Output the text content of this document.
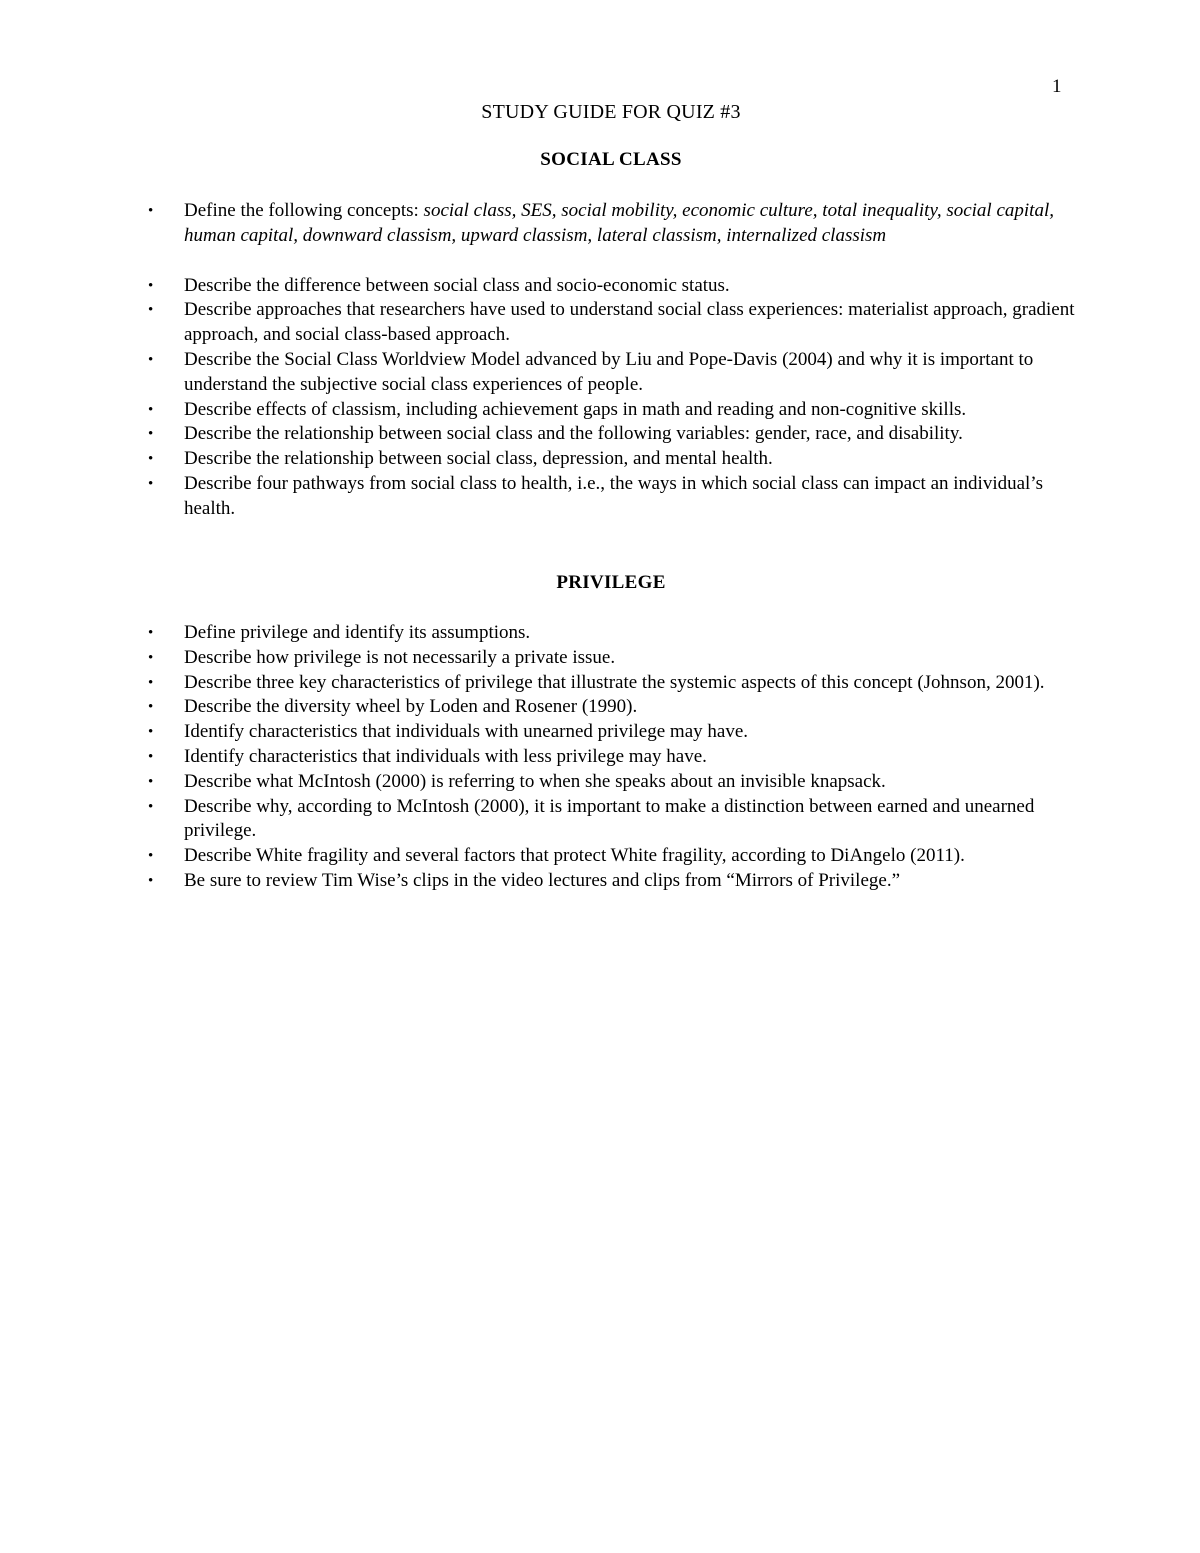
1
STUDY GUIDE FOR QUIZ #3
SOCIAL CLASS
• Define the following concepts: social class, SES, social mobility, economic culture, total inequality, social capital, human capital, downward classism, upward classism, lateral classism, internalized classism
• Describe the difference between social class and socio-economic status.
• Describe approaches that researchers have used to understand social class experiences: materialist approach, gradient approach, and social class-based approach.
• Describe the Social Class Worldview Model advanced by Liu and Pope-Davis (2004) and why it is important to understand the subjective social class experiences of people.
• Describe effects of classism, including achievement gaps in math and reading and non-cognitive skills.
• Describe the relationship between social class and the following variables: gender, race, and disability.
• Describe the relationship between social class, depression, and mental health.
• Describe four pathways from social class to health, i.e., the ways in which social class can impact an individual’s health.
PRIVILEGE
• Define privilege and identify its assumptions.
• Describe how privilege is not necessarily a private issue.
• Describe three key characteristics of privilege that illustrate the systemic aspects of this concept (Johnson, 2001).
• Describe the diversity wheel by Loden and Rosener (1990).
• Identify characteristics that individuals with unearned privilege may have.
• Identify characteristics that individuals with less privilege may have.
• Describe what McIntosh (2000) is referring to when she speaks about an invisible knapsack.
• Describe why, according to McIntosh (2000), it is important to make a distinction between earned and unearned privilege.
• Describe White fragility and several factors that protect White fragility, according to DiAngelo (2011).
• Be sure to review Tim Wise’s clips in the video lectures and clips from “Mirrors of Privilege.”
